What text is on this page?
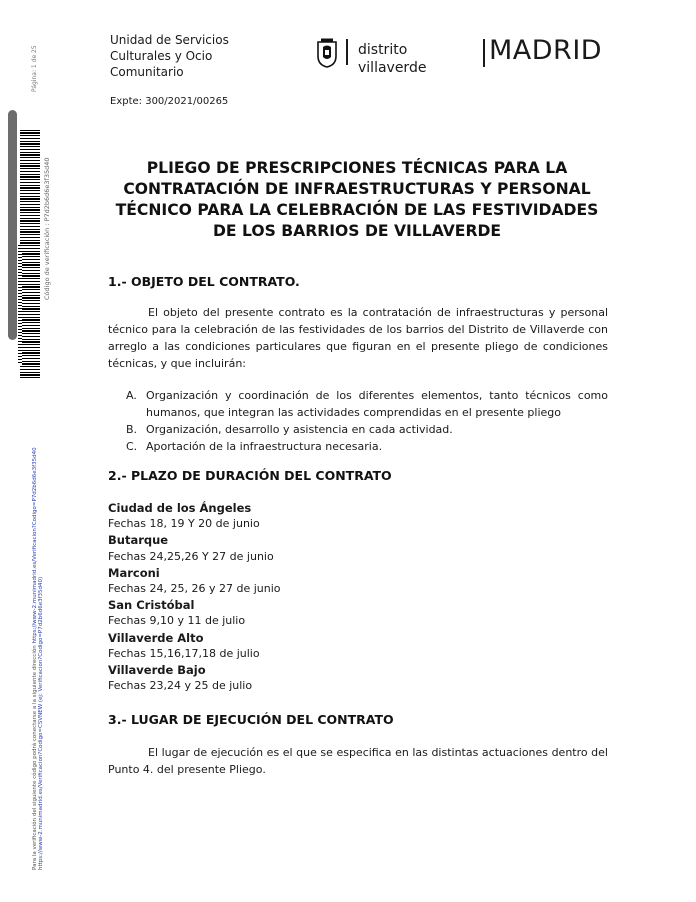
Página: 1 de 25
Código de verificación : P7d2b6d6e3f35d40
Para la verificación del siguiente código podrá conectarse a la siguiente dirección https://www-2.munimadrid.es/Verificacion?Codigo=P7d2b6d6e3f35d40
https://www-2.munimadrid.es/Verificacion?Codigo=CSVNEW (ej: Verificacion?Codigo=P7d2b6d6e3f35d40)
Unidad de Servicios
Culturales y Ocio
Comunitario
distrito
villaverde
MADRID
Expte: 300/2021/00265
PLIEGO DE PRESCRIPCIONES TÉCNICAS PARA LA
CONTRATACIÓN DE INFRAESTRUCTURAS Y PERSONAL
TÉCNICO PARA LA CELEBRACIÓN DE LAS FESTIVIDADES
DE LOS BARRIOS DE VILLAVERDE
1.- OBJETO DEL CONTRATO.
El objeto del presente contrato es la contratación de infraestructuras y personal técnico para la celebración de las festividades de los barrios del Distrito de Villaverde con arreglo a las condiciones particulares que figuran en el presente pliego de condiciones técnicas, y que incluirán:
A. Organización y coordinación de los diferentes elementos, tanto técnicos como humanos, que integran las actividades comprendidas en el presente pliego
B. Organización, desarrollo y asistencia en cada actividad.
C. Aportación de la infraestructura necesaria.
2.- PLAZO DE DURACIÓN DEL CONTRATO
Ciudad de los Ángeles
Fechas 18, 19 Y 20 de junio
Butarque
Fechas 24,25,26 Y 27 de junio
Marconi
Fechas 24, 25, 26 y 27 de junio
San Cristóbal
Fechas 9,10 y 11 de julio
Villaverde Alto
Fechas 15,16,17,18 de julio
Villaverde Bajo
Fechas 23,24 y 25 de julio
3.- LUGAR DE EJECUCIÓN DEL CONTRATO
El lugar de ejecución es el que se especifica en las distintas actuaciones dentro del Punto 4. del presente Pliego.
